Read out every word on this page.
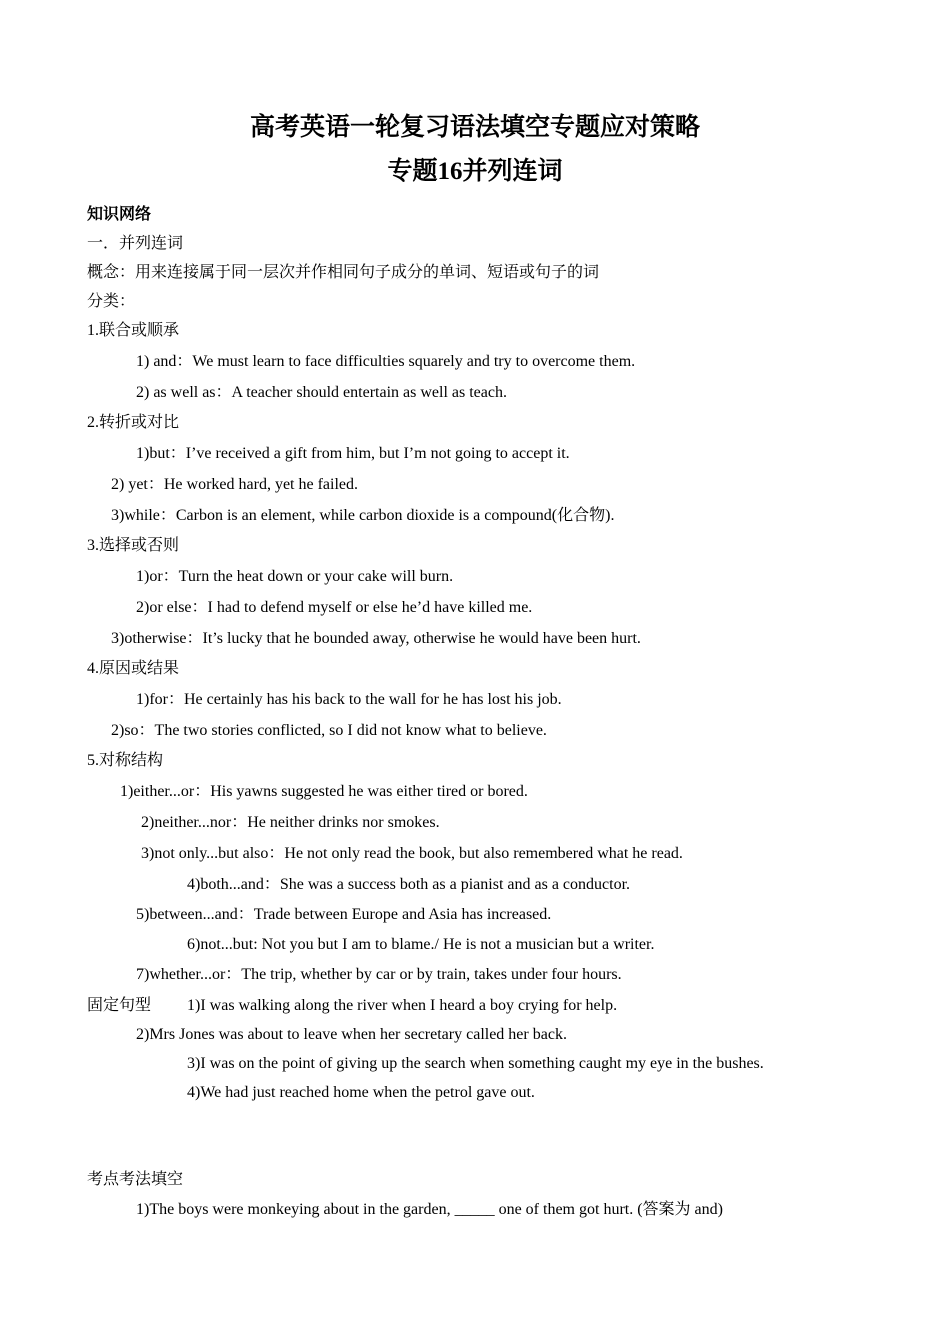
高考英语一轮复习语法填空专题应对策略
专题16并列连词
知识网络
一．并列连词
概念：用来连接属于同一层次并作相同句子成分的单词、短语或句子的词
分类：
1.联合或顺承
1) and：We must learn to face difficulties squarely and try to overcome them.
2) as well as：A teacher should entertain as well as teach.
2.转折或对比
1)but：I’ve received a gift from him, but I’m not going to accept it.
2) yet：He worked hard, yet he failed.
3)while：Carbon is an element, while carbon dioxide is a compound(化合物).
3.选择或否则
1)or：Turn the heat down or your cake will burn.
2)or else：I had to defend myself or else he’d have killed me.
3)otherwise：It’s lucky that he bounded away, otherwise he would have been hurt.
4.原因或结果
1)for：He certainly has his back to the wall for he has lost his job.
2)so：The two stories conflicted, so I did not know what to believe.
5.对称结构
1)either...or：His yawns suggested he was either tired or bored.
2)neither...nor：He neither drinks nor smokes.
3)not only...but also：He not only read the book, but also remembered what he read.
4)both...and：She was a success both as a pianist and as a conductor.
5)between...and：Trade between Europe and Asia has increased.
6)not...but: Not you but I am to blame./ He is not a musician but a writer.
7)whether...or：The trip, whether by car or by train, takes under four hours.
固定句型 1)I was walking along the river when I heard a boy crying for help.
2)Mrs Jones was about to leave when her secretary called her back.
3)I was on the point of giving up the search when something caught my eye in the bushes.
4)We had just reached home when the petrol gave out.
考点考法填空
1)The boys were monkeying about in the garden, _____ one of them got hurt. (答案为 and)
